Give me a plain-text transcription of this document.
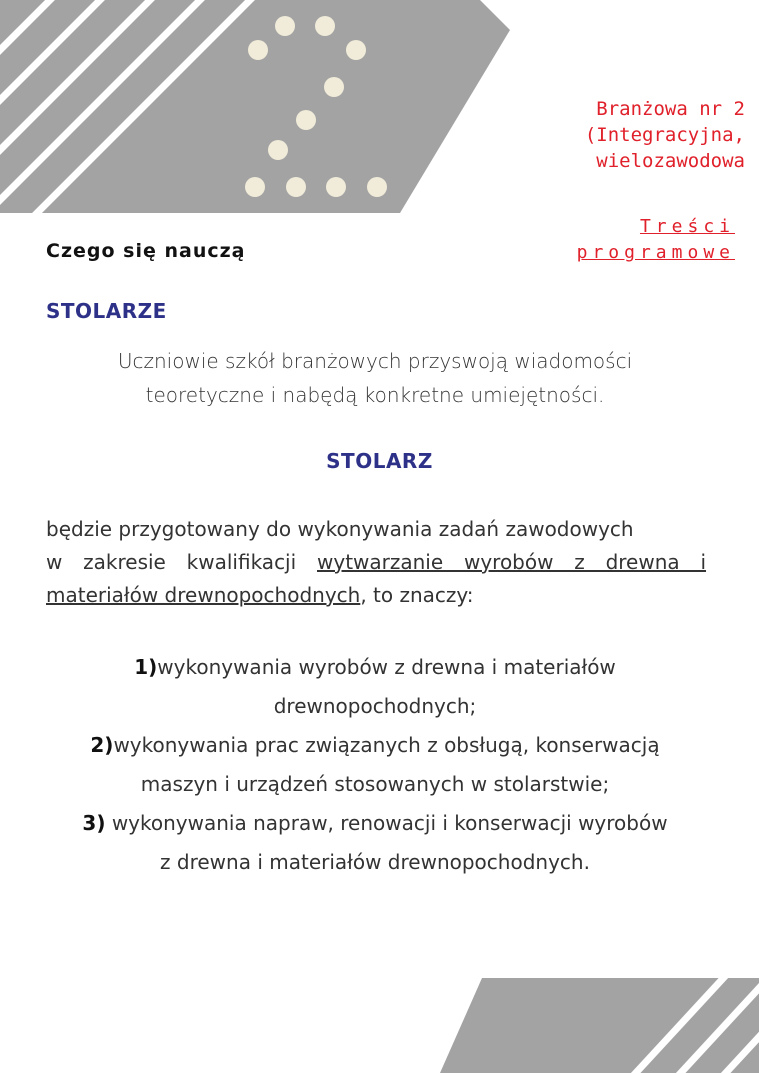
Branżowa nr 2
(Integracyjna,
wielozawodowa
Treści
programowe
Czego się nauczą
STOLARZE
Uczniowie szkół branżowych przyswoją wiadomości
teoretyczne i nabędą konkretne umiejętności.
STOLARZ
będzie przygotowany do wykonywania zadań zawodowych
w zakresie kwalifikacji wytwarzanie wyrobów z drewna i
materiałów drewnopochodnych, to znaczy:
1)wykonywania wyrobów z drewna i materiałów
drewnopochodnych;
2)wykonywania prac związanych z obsługą, konserwacją
maszyn i urządzeń stosowanych w stolarstwie;
3) wykonywania napraw, renowacji i konserwacji wyrobów
z drewna i materiałów drewnopochodnych.
